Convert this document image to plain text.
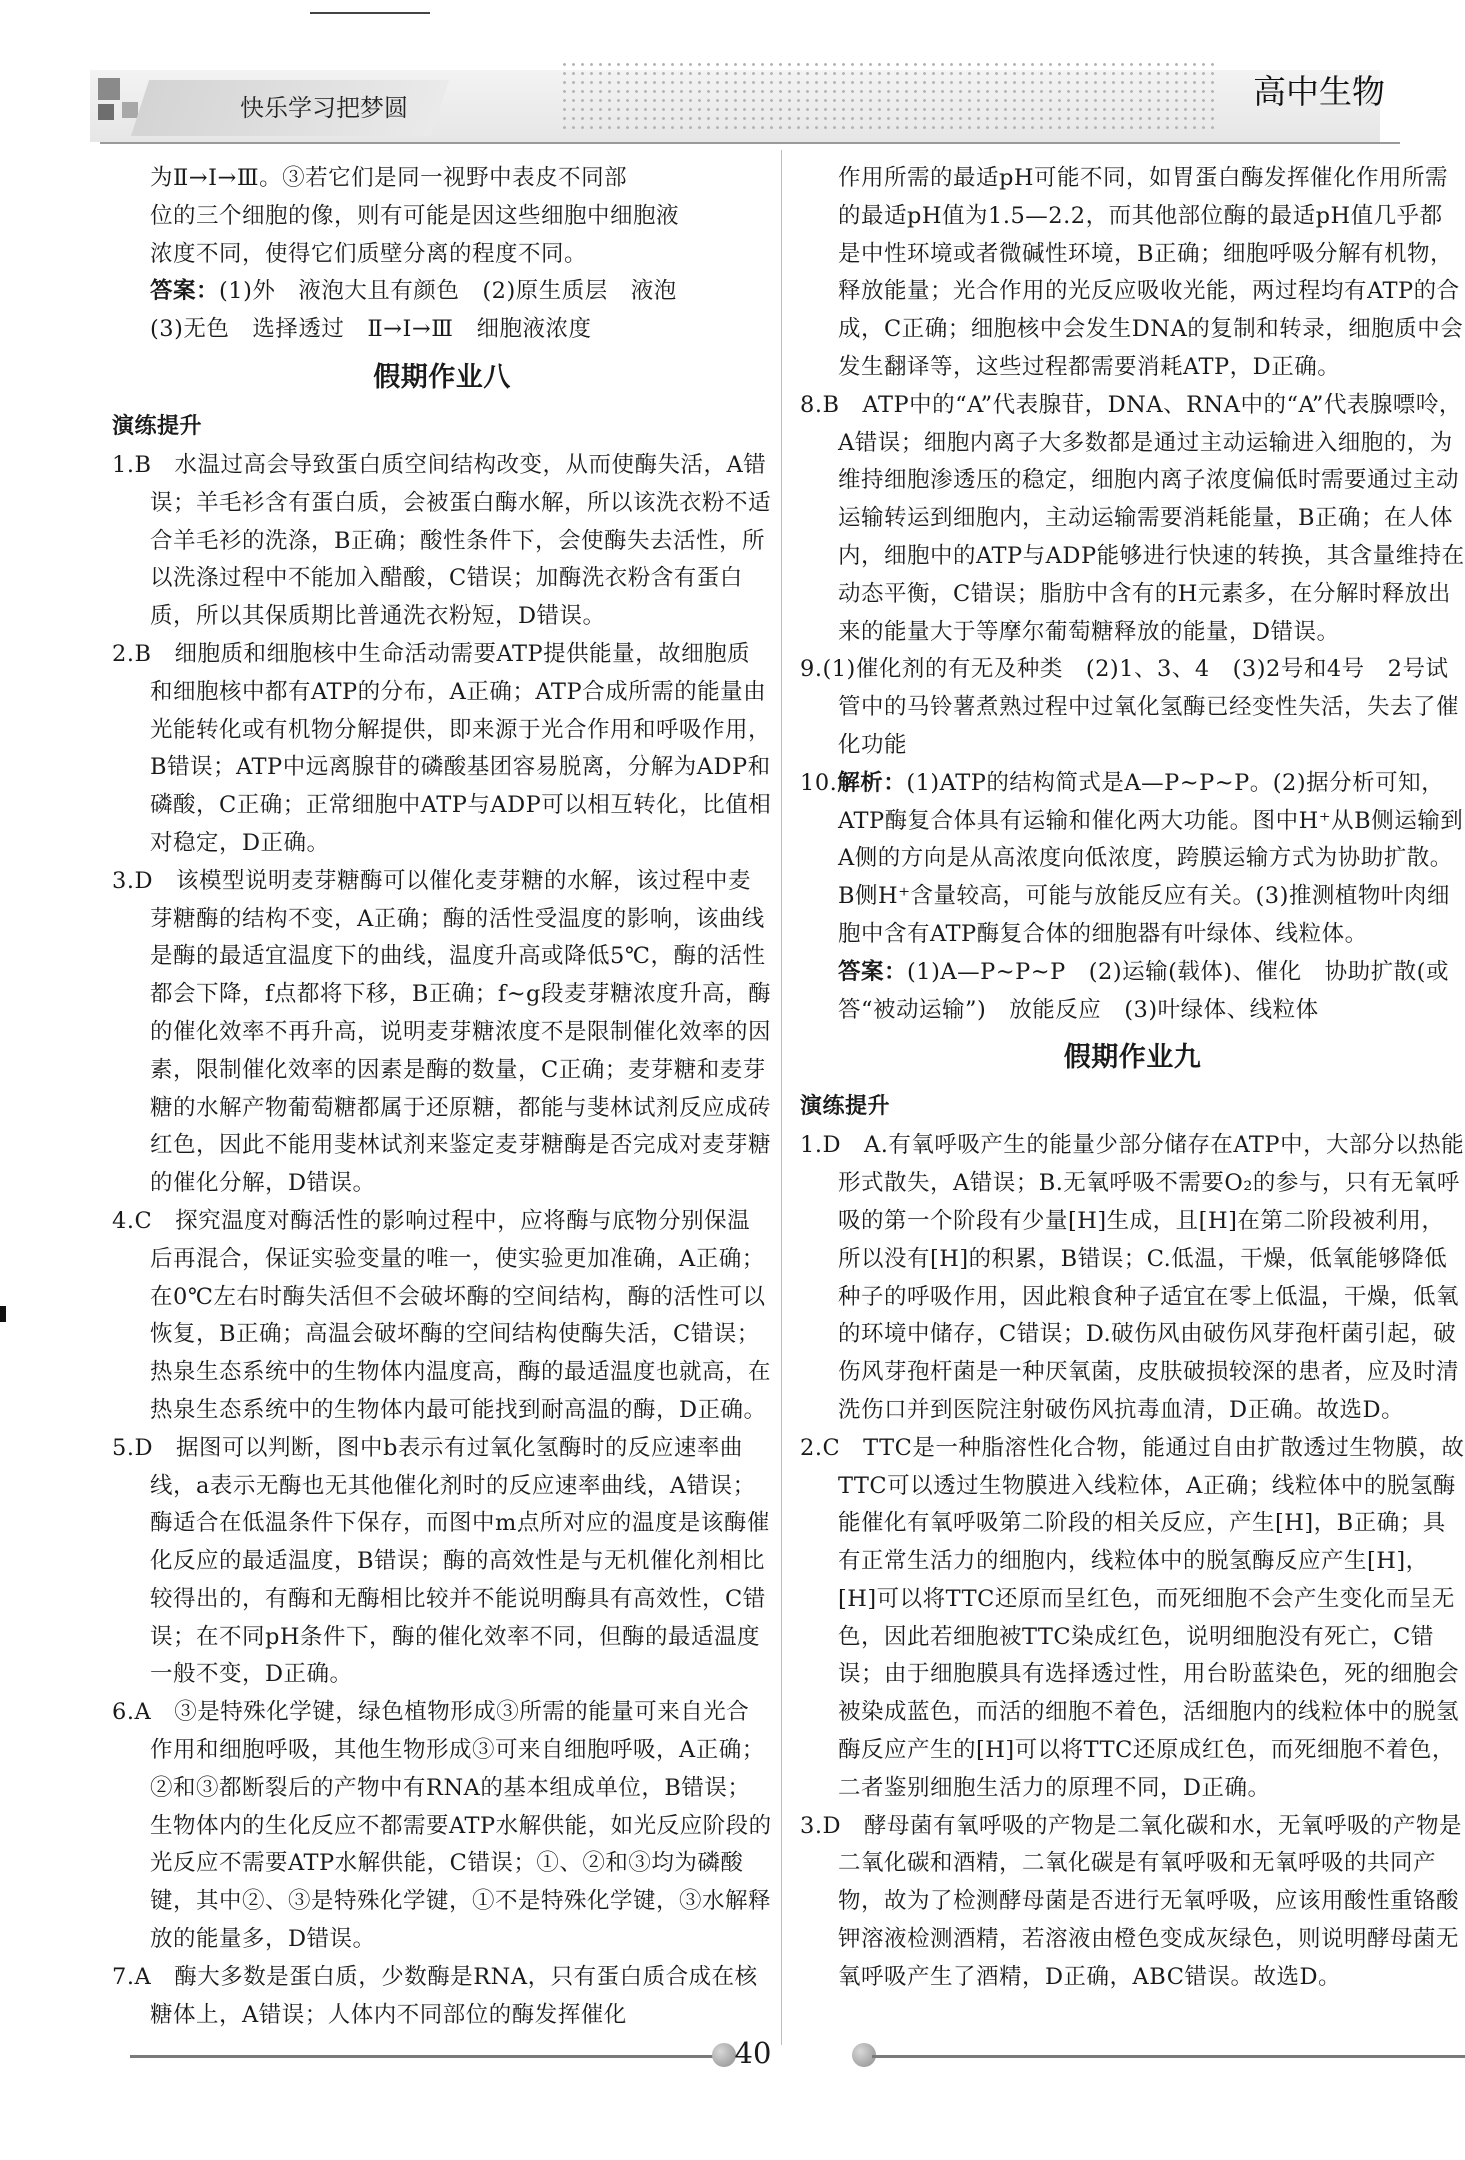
快乐学习把梦圆	高中生物

为Ⅱ→Ⅰ→Ⅲ。③若它们是同一视野中表皮不同部

位的三个细胞的像，则有可能是因这些细胞中细胞液

浓度不同，使得它们质壁分离的程度不同。

答案：(1)外　液泡大且有颜色　(2)原生质层　液泡

(3)无色　选择透过　Ⅱ→Ⅰ→Ⅲ　细胞液浓度

假期作业八
演练提升

1.B　水温过高会导致蛋白质空间结构改变，从而使酶失活，A错误；羊毛衫含有蛋白质，会被蛋白酶水解，所以该洗衣粉不适合羊毛衫的洗涤，B正确；酸性条件下，会使酶失去活性，所以洗涤过程中不能加入醋酸，C错误；加酶洗衣粉含有蛋白质，所以其保质期比普通洗衣粉短，D错误。

2.B　细胞质和细胞核中生命活动需要ATP提供能量，故细胞质和细胞核中都有ATP的分布，A正确；ATP合成所需的能量由光能转化或有机物分解提供，即来源于光合作用和呼吸作用，B错误；ATP中远离腺苷的磷酸基团容易脱离，分解为ADP和磷酸，C正确；正常细胞中ATP与ADP可以相互转化，比值相对稳定，D正确。

3.D　该模型说明麦芽糖酶可以催化麦芽糖的水解，该过程中麦芽糖酶的结构不变，A正确；酶的活性受温度的影响，该曲线是酶的最适宜温度下的曲线，温度升高或降低5℃，酶的活性都会下降，f点都将下移，B正确；f~g段麦芽糖浓度升高，酶的催化效率不再升高，说明麦芽糖浓度不是限制催化效率的因素，限制催化效率的因素是酶的数量，C正确；麦芽糖和麦芽糖的水解产物葡萄糖都属于还原糖，都能与斐林试剂反应成砖红色，因此不能用斐林试剂来鉴定麦芽糖酶是否完成对麦芽糖的催化分解，D错误。

4.C　探究温度对酶活性的影响过程中，应将酶与底物分别保温后再混合，保证实验变量的唯一，使实验更加准确，A正确；在0℃左右时酶失活但不会破坏酶的空间结构，酶的活性可以恢复，B正确；高温会破坏酶的空间结构使酶失活，C错误；热泉生态系统中的生物体内温度高，酶的最适温度也就高，在热泉生态系统中的生物体内最可能找到耐高温的酶，D正确。

5.D　据图可以判断，图中b表示有过氧化氢酶时的反应速率曲线，a表示无酶也无其他催化剂时的反应速率曲线，A错误；酶适合在低温条件下保存，而图中m点所对应的温度是该酶催化反应的最适温度，B错误；酶的高效性是与无机催化剂相比较得出的，有酶和无酶相比较并不能说明酶具有高效性，C错误；在不同pH条件下，酶的催化效率不同，但酶的最适温度一般不变，D正确。

6.A　③是特殊化学键，绿色植物形成③所需的能量可来自光合作用和细胞呼吸，其他生物形成③可来自细胞呼吸，A正确；②和③都断裂后的产物中有RNA的基本组成单位，B错误；生物体内的生化反应不都需要ATP水解供能，如光反应阶段的光反应不需要ATP水解供能，C错误；①、②和③均为磷酸键，其中②、③是特殊化学键，①不是特殊化学键，③水解释放的能量多，D错误。

7.A　酶大多数是蛋白质，少数酶是RNA，只有蛋白质合成在核糖体上，A错误；人体内不同部位的酶发挥催化

作用所需的最适pH可能不同，如胃蛋白酶发挥催化作用所需的最适pH值为1.5—2.2，而其他部位酶的最适pH值几乎都是中性环境或者微碱性环境，B正确；细胞呼吸分解有机物，释放能量；光合作用的光反应吸收光能，两过程均有ATP的合成，C正确；细胞核中会发生DNA的复制和转录，细胞质中会发生翻译等，这些过程都需要消耗ATP，D正确。

8.B　ATP中的“A”代表腺苷，DNA、RNA中的“A”代表腺嘌呤，A错误；细胞内离子大多数都是通过主动运输进入细胞的，为维持细胞渗透压的稳定，细胞内离子浓度偏低时需要通过主动运输转运到细胞内，主动运输需要消耗能量，B正确；在人体内，细胞中的ATP与ADP能够进行快速的转换，其含量维持在动态平衡，C错误；脂肪中含有的H元素多，在分解时释放出来的能量大于等摩尔葡萄糖释放的能量，D错误。

9.(1)催化剂的有无及种类　(2)1、3、4　(3)2号和4号　2号试管中的马铃薯煮熟过程中过氧化氢酶已经变性失活，失去了催化功能

10.解析：(1)ATP的结构简式是A—P~P~P。(2)据分析可知，ATP酶复合体具有运输和催化两大功能。图中H⁺从B侧运输到A侧的方向是从高浓度向低浓度，跨膜运输方式为协助扩散。B侧H⁺含量较高，可能与放能反应有关。(3)推测植物叶肉细胞中含有ATP酶复合体的细胞器有叶绿体、线粒体。

答案：(1)A—P~P~P　(2)运输(载体)、催化　协助扩散(或答“被动运输”)　放能反应　(3)叶绿体、线粒体

假期作业九
演练提升

1.D　A.有氧呼吸产生的能量少部分储存在ATP中，大部分以热能形式散失，A错误；B.无氧呼吸不需要O₂的参与，只有无氧呼吸的第一个阶段有少量[H]生成，且[H]在第二阶段被利用，所以没有[H]的积累，B错误；C.低温，干燥，低氧能够降低种子的呼吸作用，因此粮食种子适宜在零上低温，干燥，低氧的环境中储存，C错误；D.破伤风由破伤风芽孢杆菌引起，破伤风芽孢杆菌是一种厌氧菌，皮肤破损较深的患者，应及时清洗伤口并到医院注射破伤风抗毒血清，D正确。故选D。

2.C　TTC是一种脂溶性化合物，能通过自由扩散透过生物膜，故TTC可以透过生物膜进入线粒体，A正确；线粒体中的脱氢酶能催化有氧呼吸第二阶段的相关反应，产生[H]，B正确；具有正常生活力的细胞内，线粒体中的脱氢酶反应产生[H]，[H]可以将TTC还原而呈红色，而死细胞不会产生变化而呈无色，因此若细胞被TTC染成红色，说明细胞没有死亡，C错误；由于细胞膜具有选择透过性，用台盼蓝染色，死的细胞会被染成蓝色，而活的细胞不着色，活细胞内的线粒体中的脱氢酶反应产生的[H]可以将TTC还原成红色，而死细胞不着色，二者鉴别细胞生活力的原理不同，D正确。

3.D　酵母菌有氧呼吸的产物是二氧化碳和水，无氧呼吸的产物是二氧化碳和酒精，二氧化碳是有氧呼吸和无氧呼吸的共同产物，故为了检测酵母菌是否进行无氧呼吸，应该用酸性重铬酸钾溶液检测酒精，若溶液由橙色变成灰绿色，则说明酵母菌无氧呼吸产生了酒精，D正确，ABC错误。故选D。

40
